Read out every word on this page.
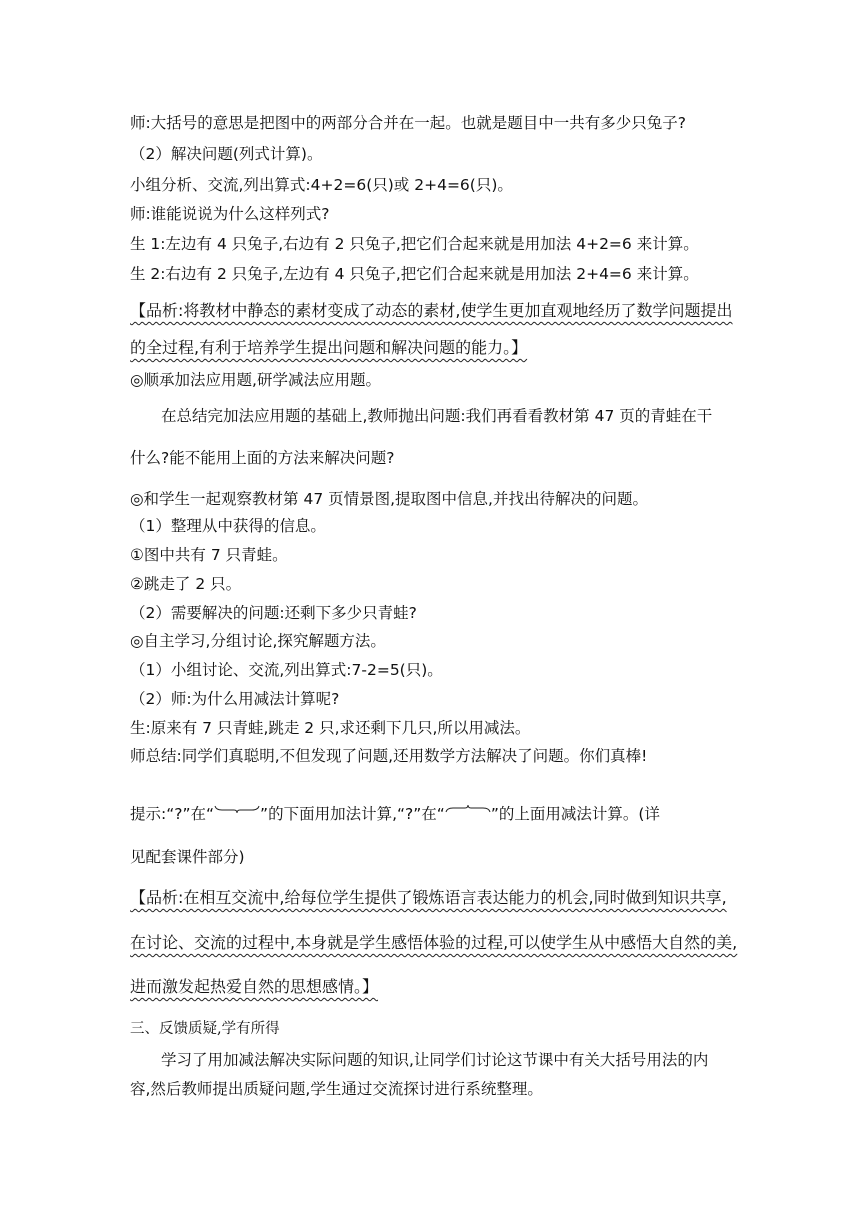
师:大括号的意思是把图中的两部分合并在一起。也就是题目中一共有多少只兔子?
（2）解决问题(列式计算)。
小组分析、交流,列出算式:4+2=6(只)或 2+4=6(只)。
师:谁能说说为什么这样列式?
生 1:左边有 4 只兔子,右边有 2 只兔子,把它们合起来就是用加法 4+2=6 来计算。
生 2:右边有 2 只兔子,左边有 4 只兔子,把它们合起来就是用加法 2+4=6 来计算。
【品析:将教材中静态的素材变成了动态的素材,使学生更加直观地经历了数学问题提出
的全过程,有利于培养学生提出问题和解决问题的能力。】
◎顺承加法应用题,研学减法应用题。
在总结完加法应用题的基础上,教师抛出问题:我们再看看教材第 47 页的青蛙在干
什么?能不能用上面的方法来解决问题?
◎和学生一起观察教材第 47 页情景图,提取图中信息,并找出待解决的问题。
（1）整理从中获得的信息。
①图中共有 7 只青蛙。
②跳走了 2 只。
（2）需要解决的问题:还剩下多少只青蛙?
◎自主学习,分组讨论,探究解题方法。
（1）小组讨论、交流,列出算式:7-2=5(只)。
（2）师:为什么用减法计算呢?
生:原来有 7 只青蛙,跳走 2 只,求还剩下几只,所以用减法。
师总结:同学们真聪明,不但发现了问题,还用数学方法解决了问题。你们真棒!
提示:“?”在“	”的下面用加法计算,“?”在“	”的上面用减法计算。(详
见配套课件部分)
【品析:在相互交流中,给每位学生提供了锻炼语言表达能力的机会,同时做到知识共享,
在讨论、交流的过程中,本身就是学生感悟体验的过程,可以使学生从中感悟大自然的美,
进而激发起热爱自然的思想感情。】
三、反馈质疑,学有所得
学习了用加减法解决实际问题的知识,让同学们讨论这节课中有关大括号用法的内
容,然后教师提出质疑问题,学生通过交流探讨进行系统整理。
